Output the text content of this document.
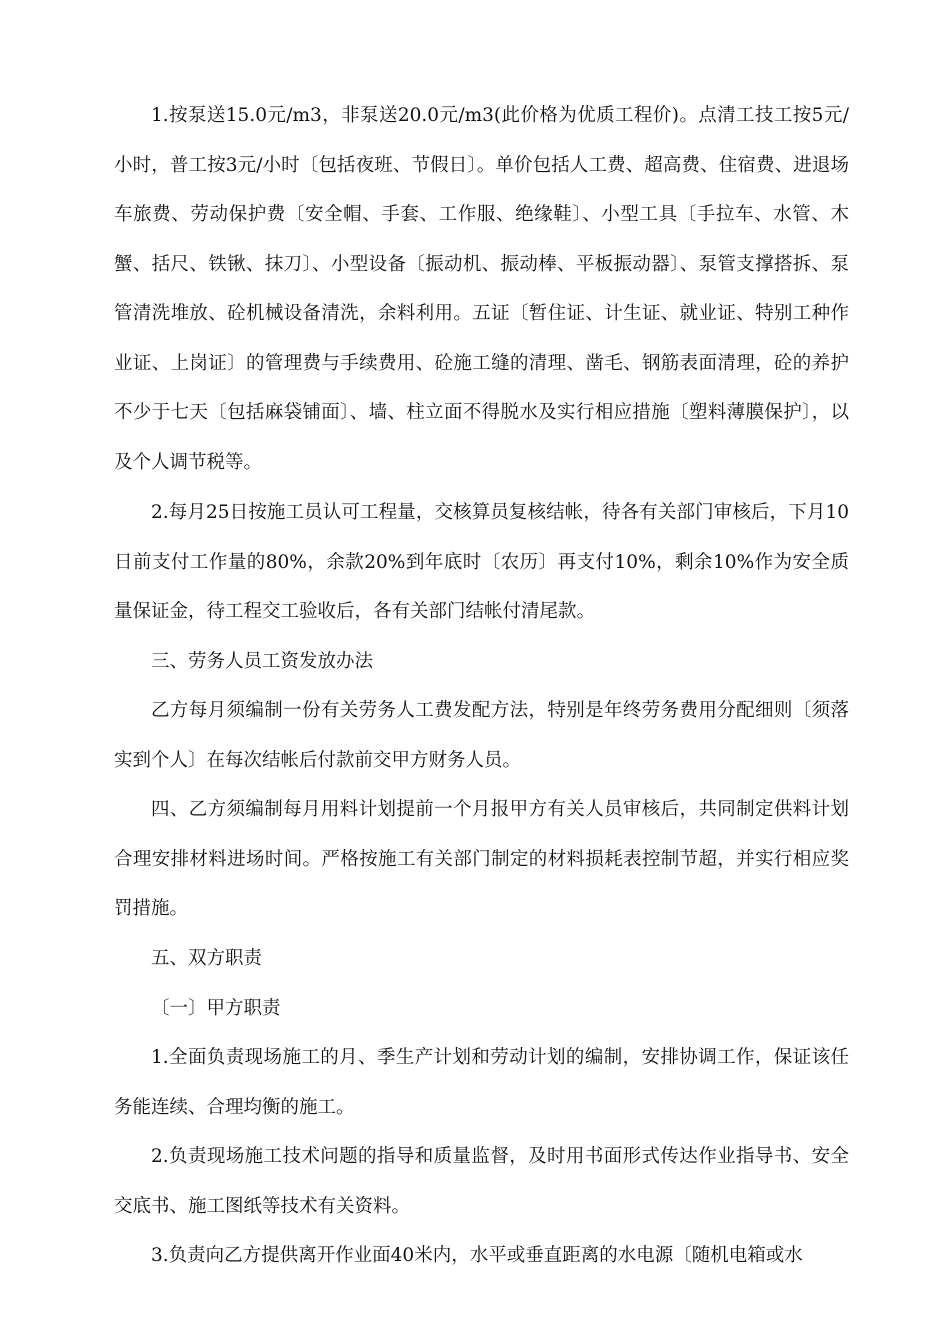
1.按泵送15.0元/m3，非泵送20.0元/m3(此价格为优质工程价)。点清工技工按5元/小时，普工按3元/小时〔包括夜班、节假日〕。单价包括人工费、超高费、住宿费、进退场车旅费、劳动保护费〔安全帽、手套、工作服、绝缘鞋〕、小型工具〔手拉车、水管、木蟹、括尺、铁锹、抹刀〕、小型设备〔振动机、振动棒、平板振动器〕、泵管支撑搭拆、泵管清洗堆放、砼机械设备清洗，余料利用。五证〔暂住证、计生证、就业证、特别工种作业证、上岗证〕的管理费与手续费用、砼施工缝的清理、凿毛、钢筋表面清理，砼的养护不少于七天〔包括麻袋铺面〕、墙、柱立面不得脱水及实行相应措施〔塑料薄膜保护〕，以及个人调节税等。

2.每月25日按施工员认可工程量，交核算员复核结帐，待各有关部门审核后，下月10日前支付工作量的80%，余款20%到年底时〔农历〕再支付10%，剩余10%作为安全质量保证金，待工程交工验收后，各有关部门结帐付清尾款。

三、劳务人员工资发放办法

乙方每月须编制一份有关劳务人工费发配方法，特别是年终劳务费用分配细则〔须落实到个人〕在每次结帐后付款前交甲方财务人员。

四、乙方须编制每月用料计划提前一个月报甲方有关人员审核后，共同制定供料计划合理安排材料进场时间。严格按施工有关部门制定的材料损耗表控制节超，并实行相应奖罚措施。

五、双方职责

〔一〕甲方职责

1.全面负责现场施工的月、季生产计划和劳动计划的编制，安排协调工作，保证该任务能连续、合理均衡的施工。

2.负责现场施工技术问题的指导和质量监督，及时用书面形式传达作业指导书、安全交底书、施工图纸等技术有关资料。

3.负责向乙方提供离开作业面40米内，水平或垂直距离的水电源〔随机电箱或水
